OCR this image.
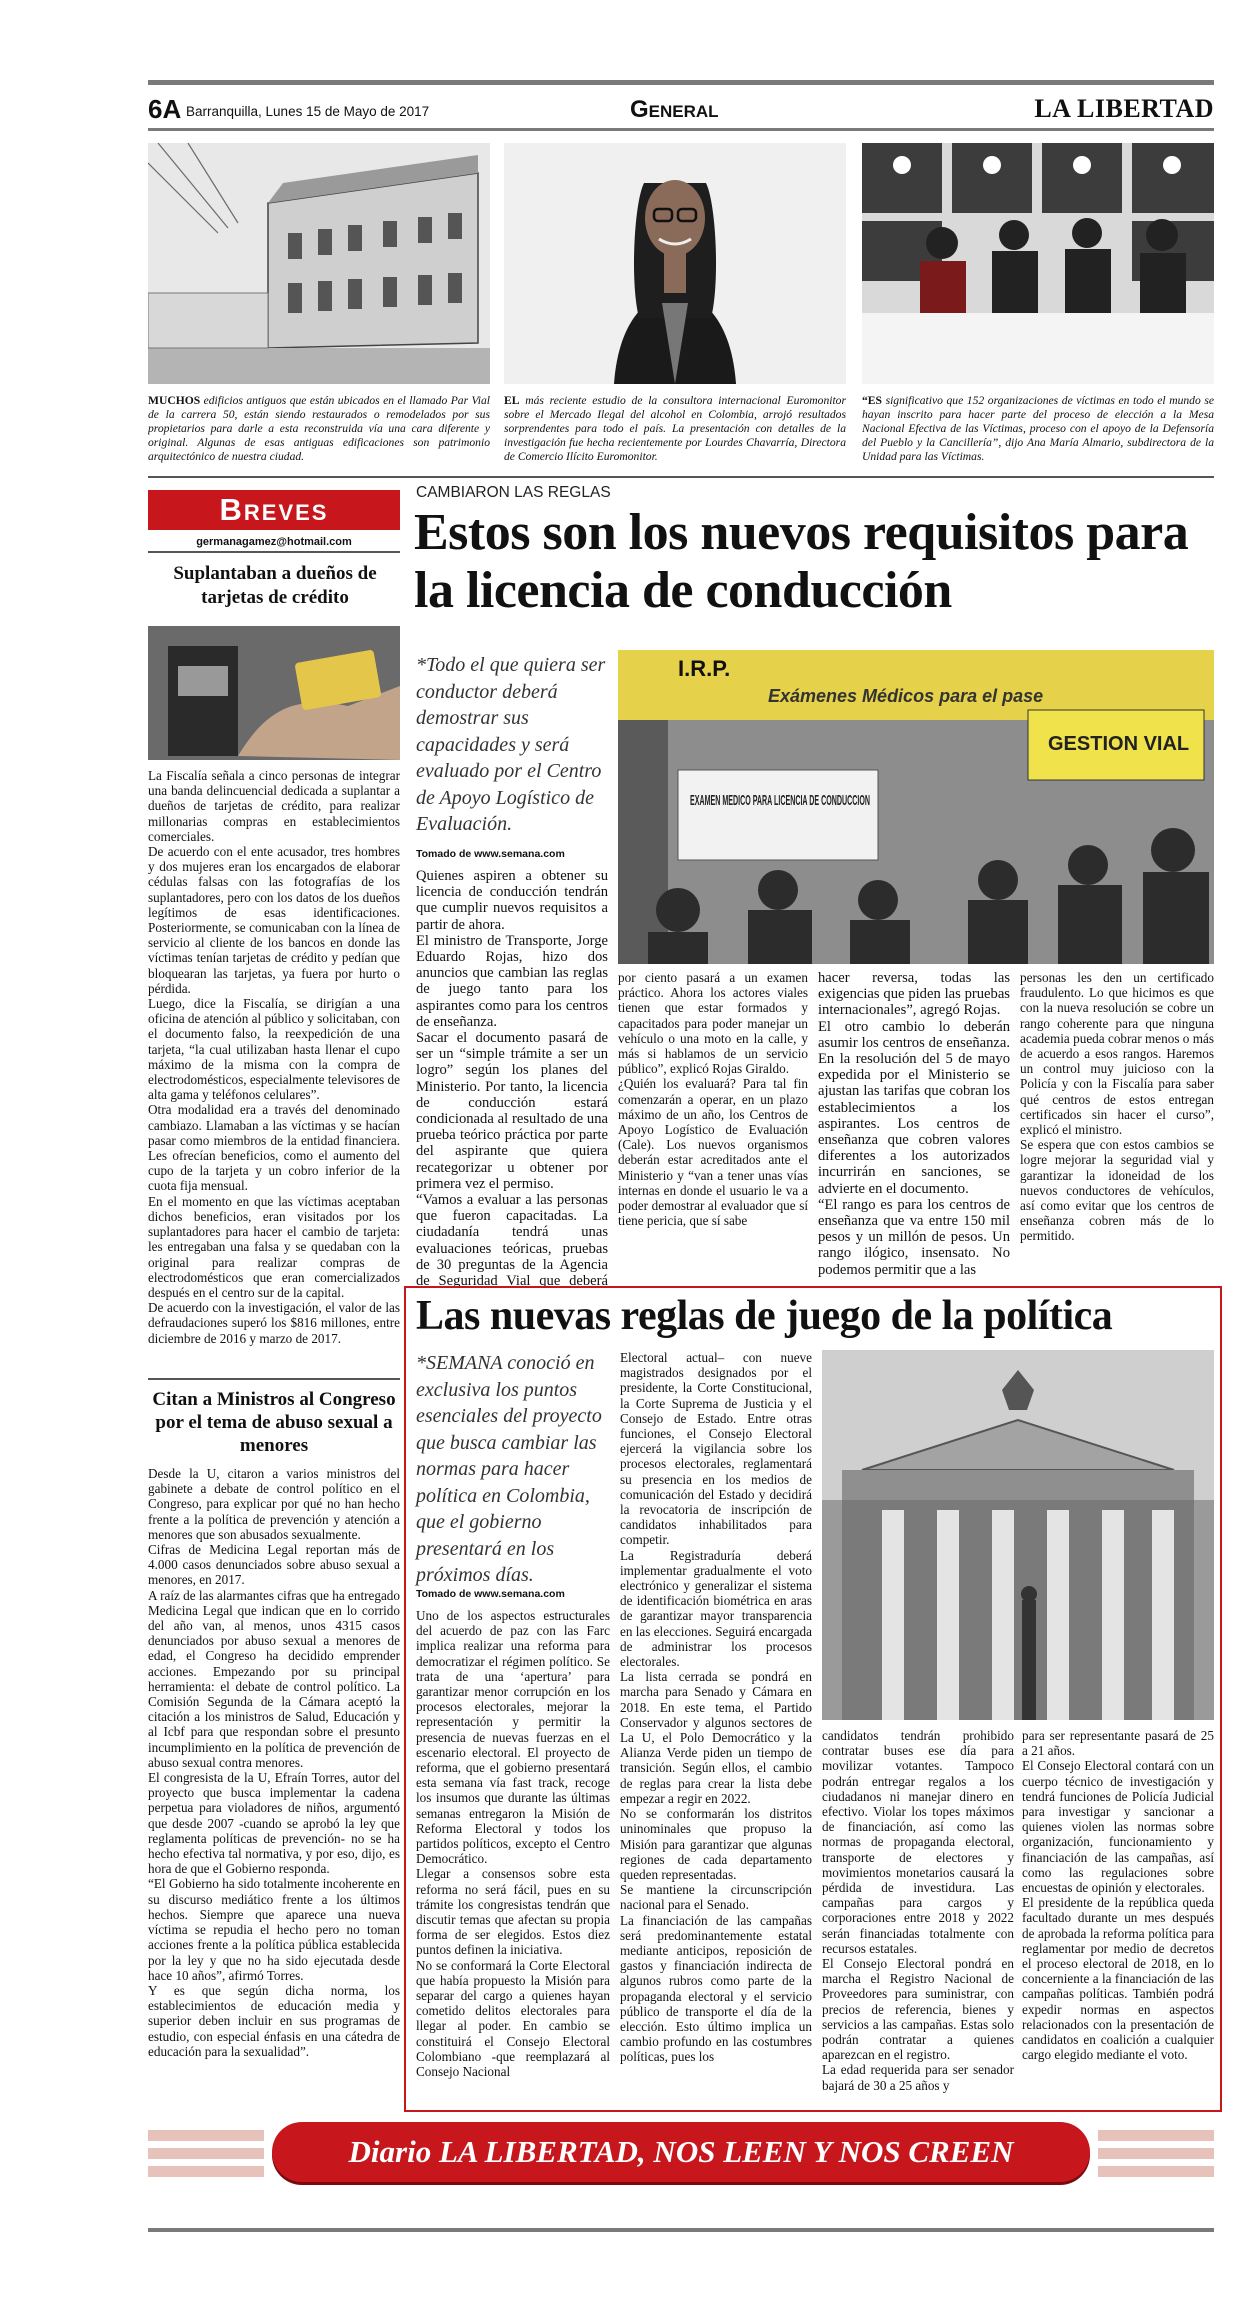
6A Barranquilla, Lunes 15 de Mayo de 2017	General	LA LIBERTAD
MUCHOS edificios antiguos que están ubicados en el llamado Par Vial de la carrera 50, están siendo restaurados o remodelados por sus propietarios para darle a esta reconstruida vía una cara diferente y original. Algunas de esas antiguas edificaciones son patrimonio arquitectónico de nuestra ciudad.
EL más reciente estudio de la consultora internacional Euromonitor sobre el Mercado Ilegal del alcohol en Colombia, arrojó resultados sorprendentes para todo el país. La presentación con detalles de la investigación fue hecha recientemente por Lourdes Chavarría, Directora de Comercio Ilícito Euromonitor.
“ES significativo que 152 organizaciones de víctimas en todo el mundo se hayan inscrito para hacer parte del proceso de elección a la Mesa Nacional Efectiva de las Víctimas, proceso con el apoyo de la Defensoría del Pueblo y la Cancillería”, dijo Ana María Almario, subdirectora de la Unidad para las Víctimas.
Breves
germanagamez@hotmail.com
Suplantaban a dueños de tarjetas de crédito

La Fiscalía señala a cinco personas de integrar una banda delincuencial dedicada a suplantar a dueños de tarjetas de crédito, para realizar millonarias compras en establecimientos comerciales.

De acuerdo con el ente acusador, tres hombres y dos mujeres eran los encargados de elaborar cédulas falsas con las fotografías de los suplantadores, pero con los datos de los dueños legítimos de esas identificaciones. Posteriormente, se comunicaban con la línea de servicio al cliente de los bancos en donde las víctimas tenían tarjetas de crédito y pedían que bloquearan las tarjetas, ya fuera por hurto o pérdida.

Luego, dice la Fiscalía, se dirigían a una oficina de atención al público y solicitaban, con el documento falso, la reexpedición de una tarjeta, “la cual utilizaban hasta llenar el cupo máximo de la misma con la compra de electrodomésticos, especialmente televisores de alta gama y teléfonos celulares”.

Otra modalidad era a través del denominado cambiazo. Llamaban a las víctimas y se hacían pasar como miembros de la entidad financiera. Les ofrecían beneficios, como el aumento del cupo de la tarjeta y un cobro inferior de la cuota fija mensual.

En el momento en que las víctimas aceptaban dichos beneficios, eran visitados por los suplantadores para hacer el cambio de tarjeta: les entregaban una falsa y se quedaban con la original para realizar compras de electrodomésticos que eran comercializados después en el centro sur de la capital.

De acuerdo con la investigación, el valor de las defraudaciones superó los $816 millones, entre diciembre de 2016 y marzo de 2017.

Citan a Ministros al Congreso por el tema de abuso sexual a menores

Desde la U, citaron a varios ministros del gabinete a debate de control político en el Congreso, para explicar por qué no han hecho frente a la política de prevención y atención a menores que son abusados sexualmente.

Cifras de Medicina Legal reportan más de 4.000 casos denunciados sobre abuso sexual a menores, en 2017.

A raíz de las alarmantes cifras que ha entregado Medicina Legal que indican que en lo corrido del año van, al menos, unos 4315 casos denunciados por abuso sexual a menores de edad, el Congreso ha decidido emprender acciones. Empezando por su principal herramienta: el debate de control político. La Comisión Segunda de la Cámara aceptó la citación a los ministros de Salud, Educación y al Icbf para que respondan sobre el presunto incumplimiento en la política de prevención de abuso sexual contra menores.

El congresista de la U, Efraín Torres, autor del proyecto que busca implementar la cadena perpetua para violadores de niños, argumentó que desde 2007 -cuando se aprobó la ley que reglamenta políticas de prevención- no se ha hecho efectiva tal normativa, y por eso, dijo, es hora de que el Gobierno responda.

“El Gobierno ha sido totalmente incoherente en su discurso mediático frente a los últimos hechos. Siempre que aparece una nueva víctima se repudia el hecho pero no toman acciones frente a la política pública establecida por la ley y que no ha sido ejecutada desde hace 10 años”, afirmó Torres.

Y es que según dicha norma, los establecimientos de educación media y superior deben incluir en sus programas de estudio, con especial énfasis en una cátedra de educación para la sexualidad”.

CAMBIARON LAS REGLAS
Estos son los nuevos requisitos para la licencia de conducción
*Todo el que quiera ser conductor deberá demostrar sus capacidades y será evaluado por el Centro de Apoyo Logístico de Evaluación.
Tomado de www.semana.com
I.R.P.
Exámenes Médicos para el pase
GESTION VIAL
EXAMEN MEDICO PARA LICENCIA DE CONDUCCION

Quienes aspiren a obtener su licencia de conducción tendrán que cumplir nuevos requisitos a partir de ahora.

El ministro de Transporte, Jorge Eduardo Rojas, hizo dos anuncios que cambian las reglas de juego tanto para los aspirantes como para los centros de enseñanza.

Sacar el documento pasará de ser un “simple trámite a ser un logro” según los planes del Ministerio. Por tanto, la licencia de conducción estará condicionada al resultado de una prueba teórico práctica por parte del aspirante que quiera recategorizar u obtener por primera vez el permiso.

“Vamos a evaluar a las personas que fueron capacitadas. La ciudadanía tendrá unas evaluaciones teóricas, pruebas de 30 preguntas de la Agencia de Seguridad Vial que deberá

por ciento pasará a un examen práctico. Ahora los actores viales tienen que estar formados y capacitados para poder manejar un vehículo o una moto en la calle, y más si hablamos de un servicio público”, explicó Rojas Giraldo.

¿Quién los evaluará? Para tal fin comenzarán a operar, en un plazo máximo de un año, los Centros de Apoyo Logístico de Evaluación (Cale). Los nuevos organismos deberán estar acreditados ante el Ministerio y “van a tener unas vías internas en donde el usuario le va a poder demostrar al evaluador que sí tiene pericia, que sí sabe

hacer reversa, todas las exigencias que piden las pruebas internacionales”, agregó Rojas.

El otro cambio lo deberán asumir los centros de enseñanza. En la resolución del 5 de mayo expedida por el Ministerio se ajustan las tarifas que cobran los establecimientos a los aspirantes. Los centros de enseñanza que cobren valores diferentes a los autorizados incurrirán en sanciones, se advierte en el documento.

“El rango es para los centros de enseñanza que va entre 150 mil pesos y un millón de pesos. Un rango ilógico, insensato. No podemos permitir que a las

personas les den un certificado fraudulento. Lo que hicimos es que con la nueva resolución se cobre un rango coherente para que ninguna academia pueda cobrar menos o más de acuerdo a esos rangos. Haremos un control muy juicioso con la Policía y con la Fiscalía para saber qué centros de estos entregan certificados sin hacer el curso”, explicó el ministro.

Se espera que con estos cambios se logre mejorar la seguridad vial y garantizar la idoneidad de los nuevos conductores de vehículos, así como evitar que los centros de enseñanza cobren más de lo permitido.

Las nuevas reglas de juego de la política
*SEMANA conoció en exclusiva los puntos esenciales del proyecto que busca cambiar las normas para hacer política en Colombia, que el gobierno presentará en los próximos días.
Tomado de www.semana.com

Uno de los aspectos estructurales del acuerdo de paz con las Farc implica realizar una reforma para democratizar el régimen político. Se trata de una ‘apertura’ para garantizar menor corrupción en los procesos electorales, mejorar la representación y permitir la presencia de nuevas fuerzas en el escenario electoral. El proyecto de reforma, que el gobierno presentará esta semana vía fast track, recoge los insumos que durante las últimas semanas entregaron la Misión de Reforma Electoral y todos los partidos políticos, excepto el Centro Democrático.

Llegar a consensos sobre esta reforma no será fácil, pues en su trámite los congresistas tendrán que discutir temas que afectan su propia forma de ser elegidos. Estos diez puntos definen la iniciativa.

No se conformará la Corte Electoral que había propuesto la Misión para separar del cargo a quienes hayan cometido delitos electorales para llegar al poder. En cambio se constituirá el Consejo Electoral Colombiano -que reemplazará al Consejo Nacional

Electoral actual– con nueve magistrados designados por el presidente, la Corte Constitucional, la Corte Suprema de Justicia y el Consejo de Estado. Entre otras funciones, el Consejo Electoral ejercerá la vigilancia sobre los procesos electorales, reglamentará su presencia en los medios de comunicación del Estado y decidirá la revocatoria de inscripción de candidatos inhabilitados para competir.

La Registraduría deberá implementar gradualmente el voto electrónico y generalizar el sistema de identificación biométrica en aras de garantizar mayor transparencia en las elecciones. Seguirá encargada de administrar los procesos electorales.

La lista cerrada se pondrá en marcha para Senado y Cámara en 2018. En este tema, el Partido Conservador y algunos sectores de La U, el Polo Democrático y la Alianza Verde piden un tiempo de transición. Según ellos, el cambio de reglas para crear la lista debe empezar a regir en 2022.

No se conformarán los distritos uninominales que propuso la Misión para garantizar que algunas regiones de cada departamento queden representadas.

Se mantiene la circunscripción nacional para el Senado.

La financiación de las campañas será predominantemente estatal mediante anticipos, reposición de gastos y financiación indirecta de algunos rubros como parte de la propaganda electoral y el servicio público de transporte el día de la elección. Esto último implica un cambio profundo en las costumbres políticas, pues los

candidatos tendrán prohibido contratar buses ese día para movilizar votantes. Tampoco podrán entregar regalos a los ciudadanos ni manejar dinero en efectivo. Violar los topes máximos de financiación, así como las normas de propaganda electoral, transporte de electores y movimientos monetarios causará la pérdida de investidura. Las campañas para cargos y corporaciones entre 2018 y 2022 serán financiadas totalmente con recursos estatales.

El Consejo Electoral pondrá en marcha el Registro Nacional de Proveedores para suministrar, con precios de referencia, bienes y servicios a las campañas. Estas solo podrán contratar a quienes aparezcan en el registro.

La edad requerida para ser senador bajará de 30 a 25 años y

para ser representante pasará de 25 a 21 años.

El Consejo Electoral contará con un cuerpo técnico de investigación y tendrá funciones de Policía Judicial para investigar y sancionar a quienes violen las normas sobre organización, funcionamiento y financiación de las campañas, así como las regulaciones sobre encuestas de opinión y electorales.

El presidente de la república queda facultado durante un mes después de aprobada la reforma política para reglamentar por medio de decretos el proceso electoral de 2018, en lo concerniente a la financiación de las campañas políticas. También podrá expedir normas en aspectos relacionados con la presentación de candidatos en coalición a cualquier cargo elegido mediante el voto.

Diario LA LIBERTAD, NOS LEEN Y NOS CREEN
